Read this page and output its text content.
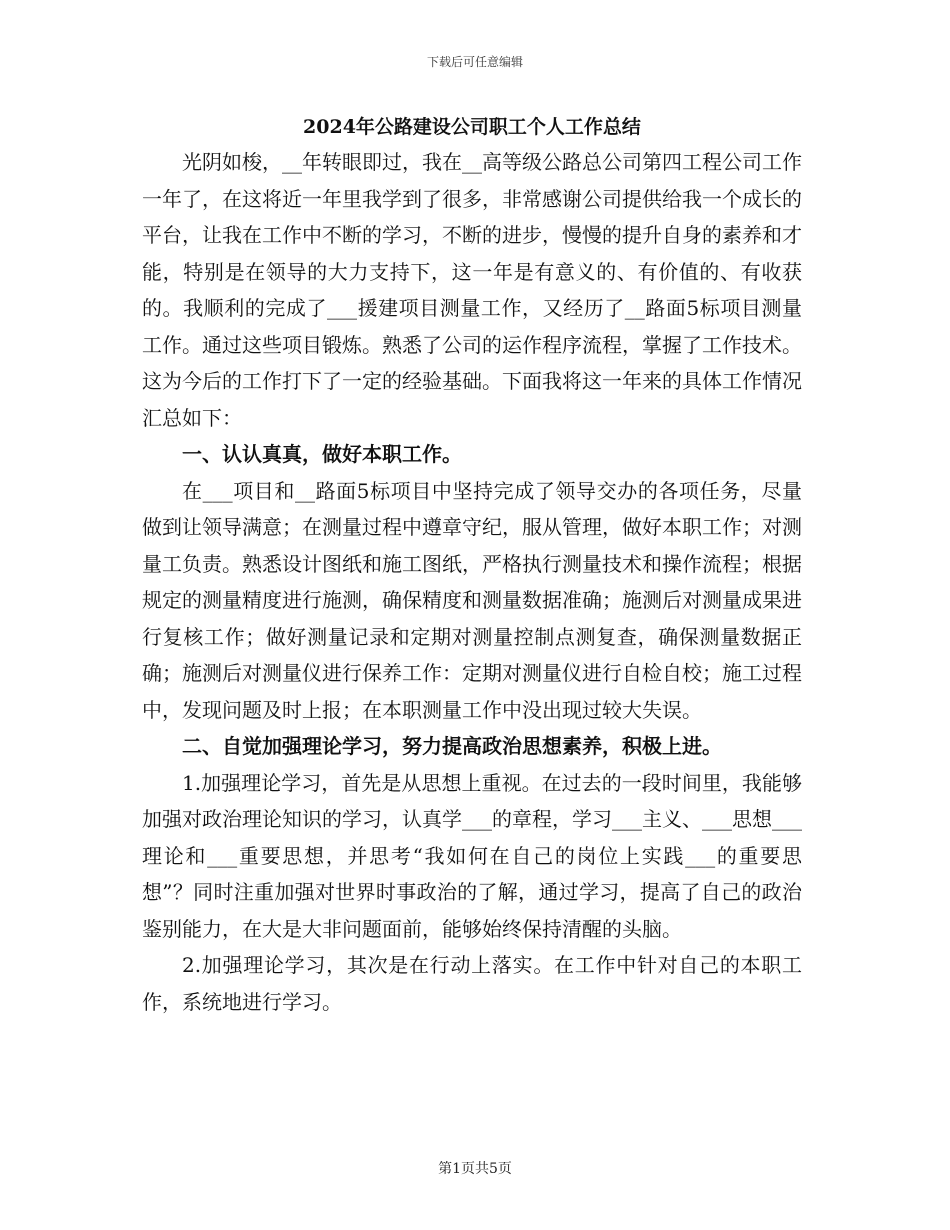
下载后可任意编辑
2024年公路建设公司职工个人工作总结

光阴如梭，__年转眼即过，我在__高等级公路总公司第四工程公司工作一年了，在这将近一年里我学到了很多，非常感谢公司提供给我一个成长的平台，让我在工作中不断的学习，不断的进步，慢慢的提升自身的素养和才能，特别是在领导的大力支持下，这一年是有意义的、有价值的、有收获的。我顺利的完成了___援建项目测量工作，又经历了__路面5标项目测量工作。通过这些项目锻炼。熟悉了公司的运作程序流程，掌握了工作技术。这为今后的工作打下了一定的经验基础。下面我将这一年来的具体工作情况汇总如下：

一、认认真真，做好本职工作。

在___项目和__路面5标项目中坚持完成了领导交办的各项任务，尽量做到让领导满意；在测量过程中遵章守纪，服从管理，做好本职工作；对测量工负责。熟悉设计图纸和施工图纸，严格执行测量技术和操作流程；根据规定的测量精度进行施测，确保精度和测量数据准确；施测后对测量成果进行复核工作；做好测量记录和定期对测量控制点测复查，确保测量数据正确；施测后对测量仪进行保养工作：定期对测量仪进行自检自校；施工过程中，发现问题及时上报；在本职测量工作中没出现过较大失误。

二、自觉加强理论学习，努力提高政治思想素养，积极上进。

1.加强理论学习，首先是从思想上重视。在过去的一段时间里，我能够加强对政治理论知识的学习，认真学___的章程，学习___主义、___思想___理论和___重要思想，并思考“我如何在自己的岗位上实践___的重要思想”？同时注重加强对世界时事政治的了解，通过学习，提高了自己的政治鉴别能力，在大是大非问题面前，能够始终保持清醒的头脑。

2.加强理论学习，其次是在行动上落实。在工作中针对自己的本职工作，系统地进行学习。

第1页共5页
